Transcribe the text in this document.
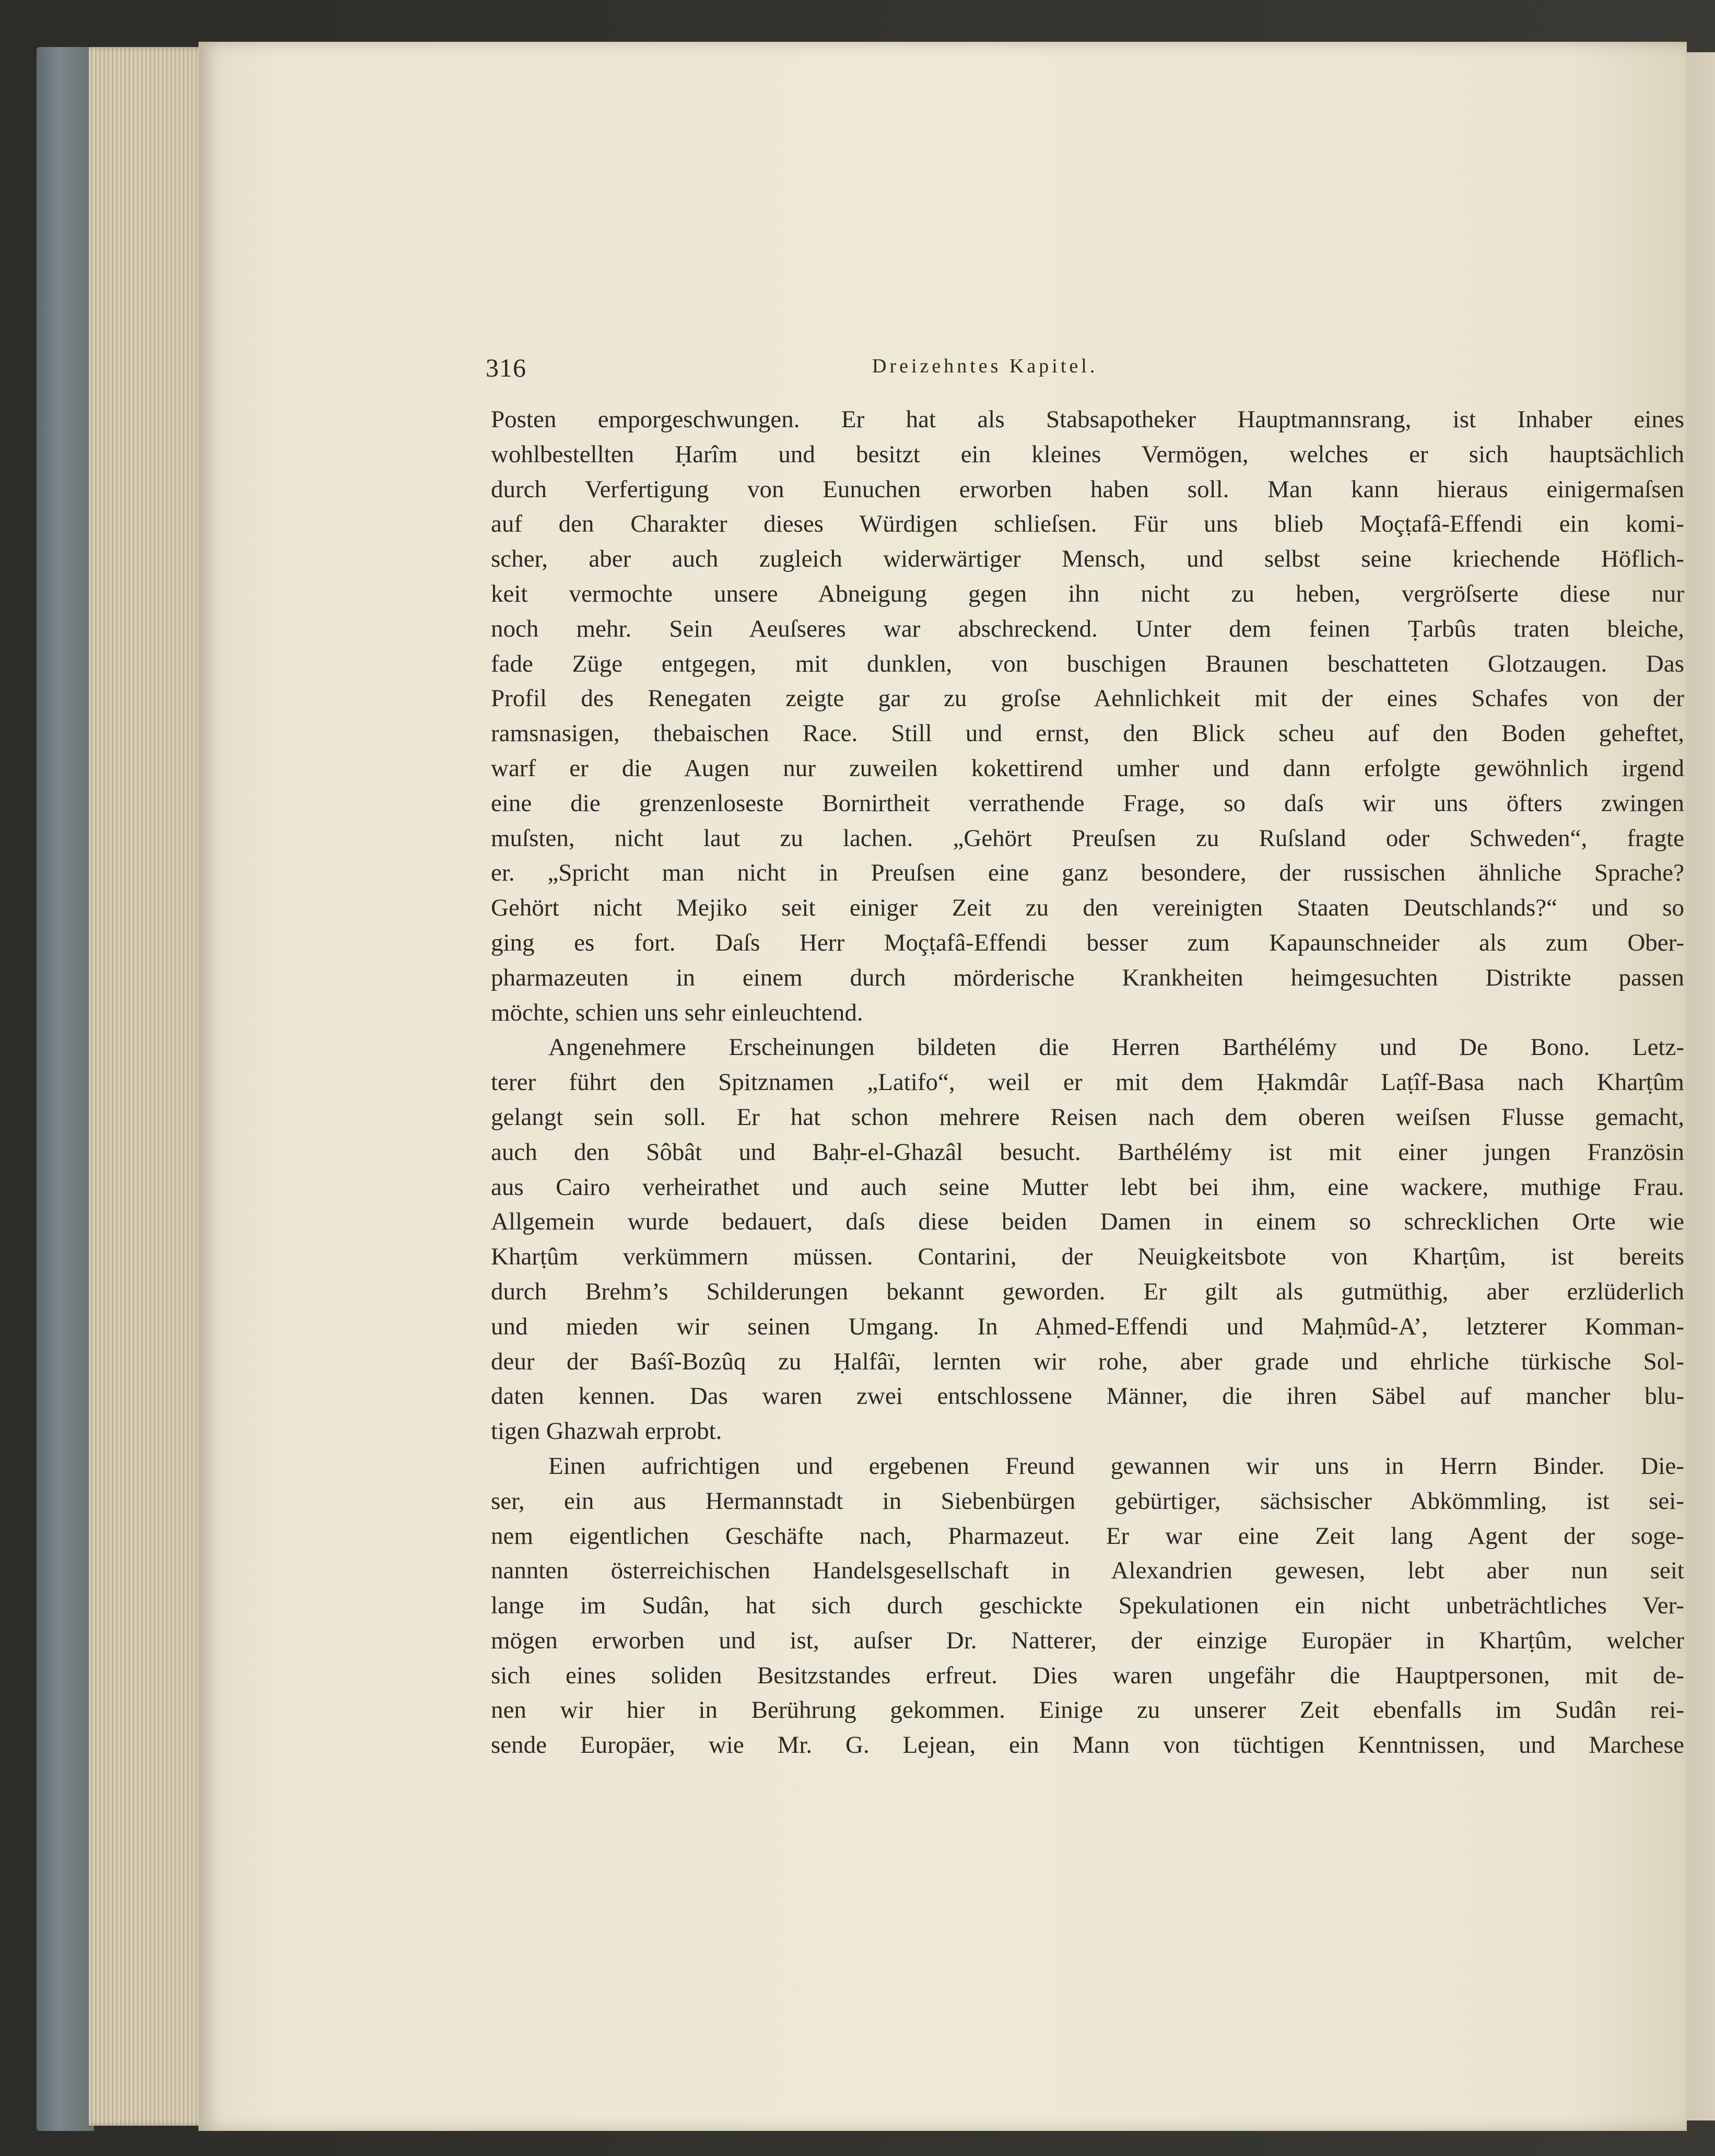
316	Dreizehntes Kapitel.
Posten emporgeschwungen. Er hat als Stabsapotheker Hauptmannsrang, ist Inhaber eines
wohlbestellten Ḥarîm und besitzt ein kleines Vermögen, welches er sich hauptsächlich
durch Verfertigung von Eunuchen erworben haben soll. Man kann hieraus einigermaſsen
auf den Charakter dieses Würdigen schlieſsen. Für uns blieb Moçṭafâ-Effendi ein komi-
scher, aber auch zugleich widerwärtiger Mensch, und selbst seine kriechende Höflich-
keit vermochte unsere Abneigung gegen ihn nicht zu heben, vergröſserte diese nur
noch mehr. Sein Aeuſseres war abschreckend. Unter dem feinen Ṭarbûs traten bleiche,
fade Züge entgegen, mit dunklen, von buschigen Braunen beschatteten Glotzaugen. Das
Profil des Renegaten zeigte gar zu groſse Aehnlichkeit mit der eines Schafes von der
ramsnasigen, thebaischen Race. Still und ernst, den Blick scheu auf den Boden geheftet,
warf er die Augen nur zuweilen kokettirend umher und dann erfolgte gewöhnlich irgend
eine die grenzenloseste Bornirtheit verrathende Frage, so daſs wir uns öfters zwingen
muſsten, nicht laut zu lachen. „Gehört Preuſsen zu Ruſsland oder Schweden“, fragte
er. „Spricht man nicht in Preuſsen eine ganz besondere, der russischen ähnliche Sprache?
Gehört nicht Mejiko seit einiger Zeit zu den vereinigten Staaten Deutschlands?“ und so
ging es fort. Daſs Herr Moçṭafâ-Effendi besser zum Kapaunschneider als zum Ober-
pharmazeuten in einem durch mörderische Krankheiten heimgesuchten Distrikte passen
möchte, schien uns sehr einleuchtend.
Angenehmere Erscheinungen bildeten die Herren Barthélémy und De Bono. Letz-
terer führt den Spitznamen „Latifo“, weil er mit dem Ḥakmdâr Laṭîf-Basa nach Kharṭûm
gelangt sein soll. Er hat schon mehrere Reisen nach dem oberen weiſsen Flusse gemacht,
auch den Sôbât und Baḥr-el-Ghazâl besucht. Barthélémy ist mit einer jungen Französin
aus Cairo verheirathet und auch seine Mutter lebt bei ihm, eine wackere, muthige Frau.
Allgemein wurde bedauert, daſs diese beiden Damen in einem so schrecklichen Orte wie
Kharṭûm verkümmern müssen. Contarini, der Neuigkeitsbote von Kharṭûm, ist bereits
durch Brehm’s Schilderungen bekannt geworden. Er gilt als gutmüthig, aber erzlüderlich
und mieden wir seinen Umgang. In Aḥmed-Effendi und Maḥmûd-A’, letzterer Komman-
deur der Baśî-Bozûq zu Ḥalfâï, lernten wir rohe, aber grade und ehrliche türkische Sol-
daten kennen. Das waren zwei entschlossene Männer, die ihren Säbel auf mancher blu-
tigen Ghazwah erprobt.
Einen aufrichtigen und ergebenen Freund gewannen wir uns in Herrn Binder. Die-
ser, ein aus Hermannstadt in Siebenbürgen gebürtiger, sächsischer Abkömmling, ist sei-
nem eigentlichen Geschäfte nach, Pharmazeut. Er war eine Zeit lang Agent der soge-
nannten österreichischen Handelsgesellschaft in Alexandrien gewesen, lebt aber nun seit
lange im Sudân, hat sich durch geschickte Spekulationen ein nicht unbeträchtliches Ver-
mögen erworben und ist, auſser Dr. Natterer, der einzige Europäer in Kharṭûm, welcher
sich eines soliden Besitzstandes erfreut. Dies waren ungefähr die Hauptpersonen, mit de-
nen wir hier in Berührung gekommen. Einige zu unserer Zeit ebenfalls im Sudân rei-
sende Europäer, wie Mr. G. Lejean, ein Mann von tüchtigen Kenntnissen, und Marchese
